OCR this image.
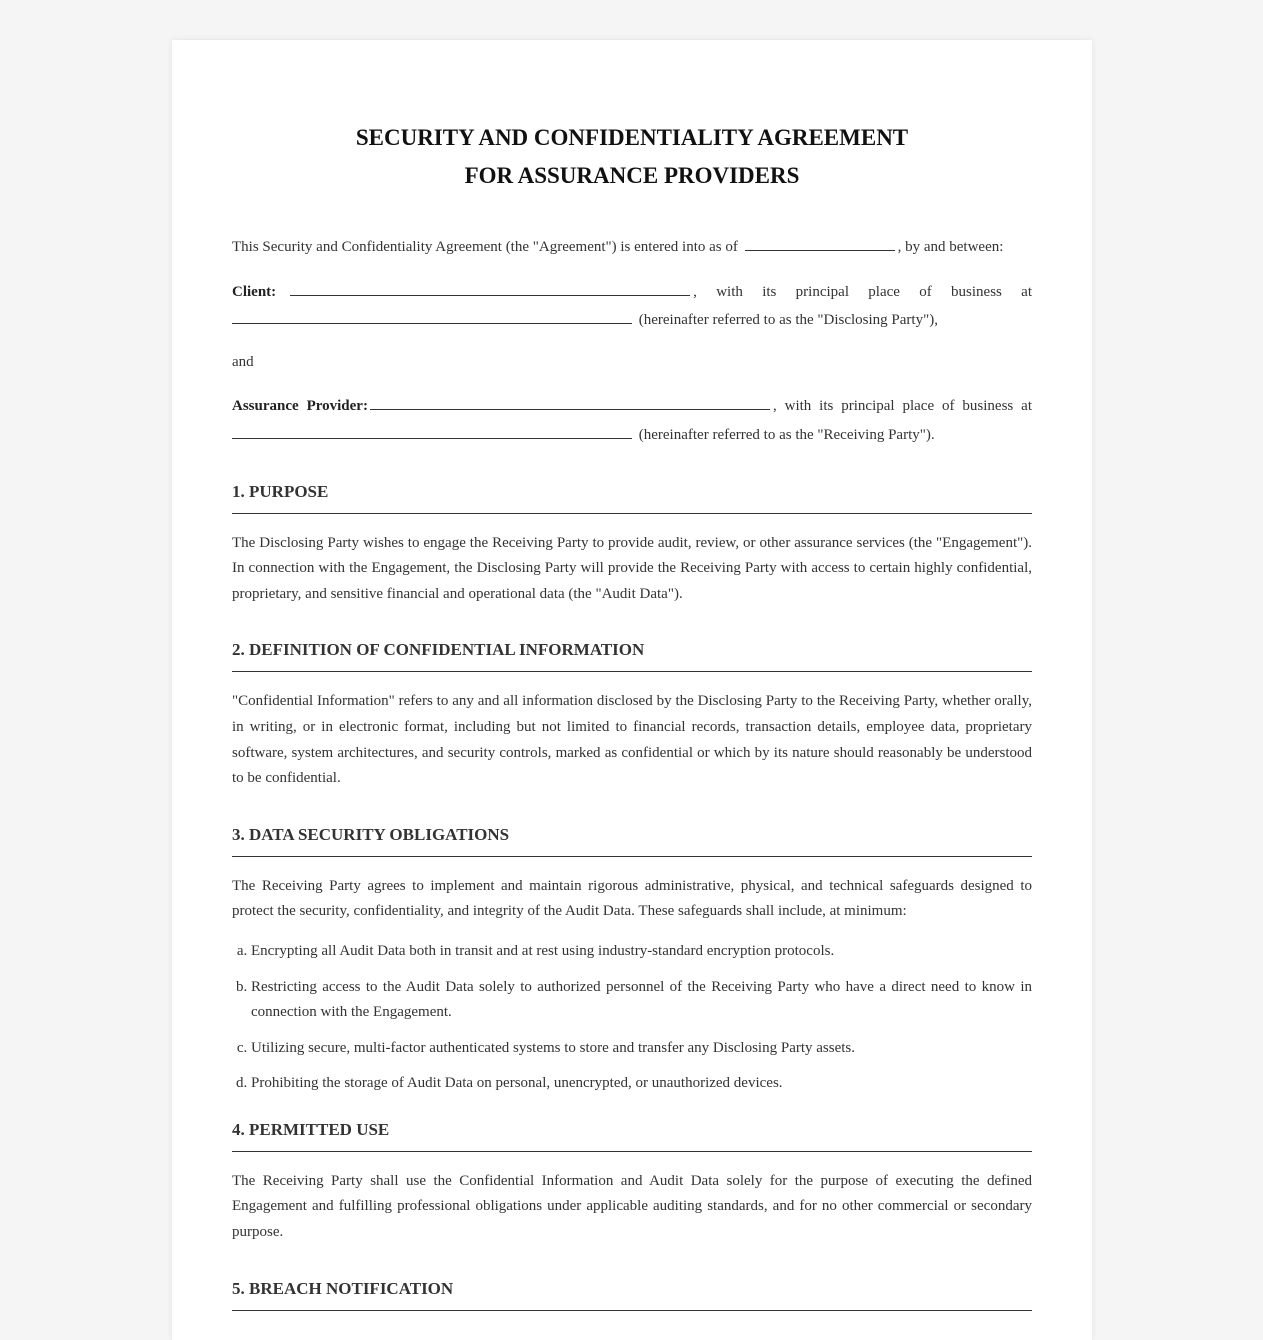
SECURITY AND CONFIDENTIALITY AGREEMENT
FOR ASSURANCE PROVIDERS

This Security and Confidentiality Agreement (the "Agreement") is entered into as of	, by and between:

Client:	, with its principal place of business at  (hereinafter referred to as the "Disclosing Party"),

and

Assurance Provider:	, with its principal place of business at  (hereinafter referred to as the "Receiving Party").

1. PURPOSE

The Disclosing Party wishes to engage the Receiving Party to provide audit, review, or other assurance services (the "Engagement"). In connection with the Engagement, the Disclosing Party will provide the Receiving Party with access to certain highly confidential, proprietary, and sensitive financial and operational data (the "Audit Data").

2. DEFINITION OF CONFIDENTIAL INFORMATION

"Confidential Information" refers to any and all information disclosed by the Disclosing Party to the Receiving Party, whether orally, in writing, or in electronic format, including but not limited to financial records, transaction details, employee data, proprietary software, system architectures, and security controls, marked as confidential or which by its nature should reasonably be understood to be confidential.

3. DATA SECURITY OBLIGATIONS

The Receiving Party agrees to implement and maintain rigorous administrative, physical, and technical safeguards designed to protect the security, confidentiality, and integrity of the Audit Data. These safeguards shall include, at minimum:

a. Encrypting all Audit Data both in transit and at rest using industry-standard encryption protocols.
b. Restricting access to the Audit Data solely to authorized personnel of the Receiving Party who have a direct need to know in connection with the Engagement.
c. Utilizing secure, multi-factor authenticated systems to store and transfer any Disclosing Party assets.
d. Prohibiting the storage of Audit Data on personal, unencrypted, or unauthorized devices.
4. PERMITTED USE

The Receiving Party shall use the Confidential Information and Audit Data solely for the purpose of executing the defined Engagement and fulfilling professional obligations under applicable auditing standards, and for no other commercial or secondary purpose.

5. BREACH NOTIFICATION
